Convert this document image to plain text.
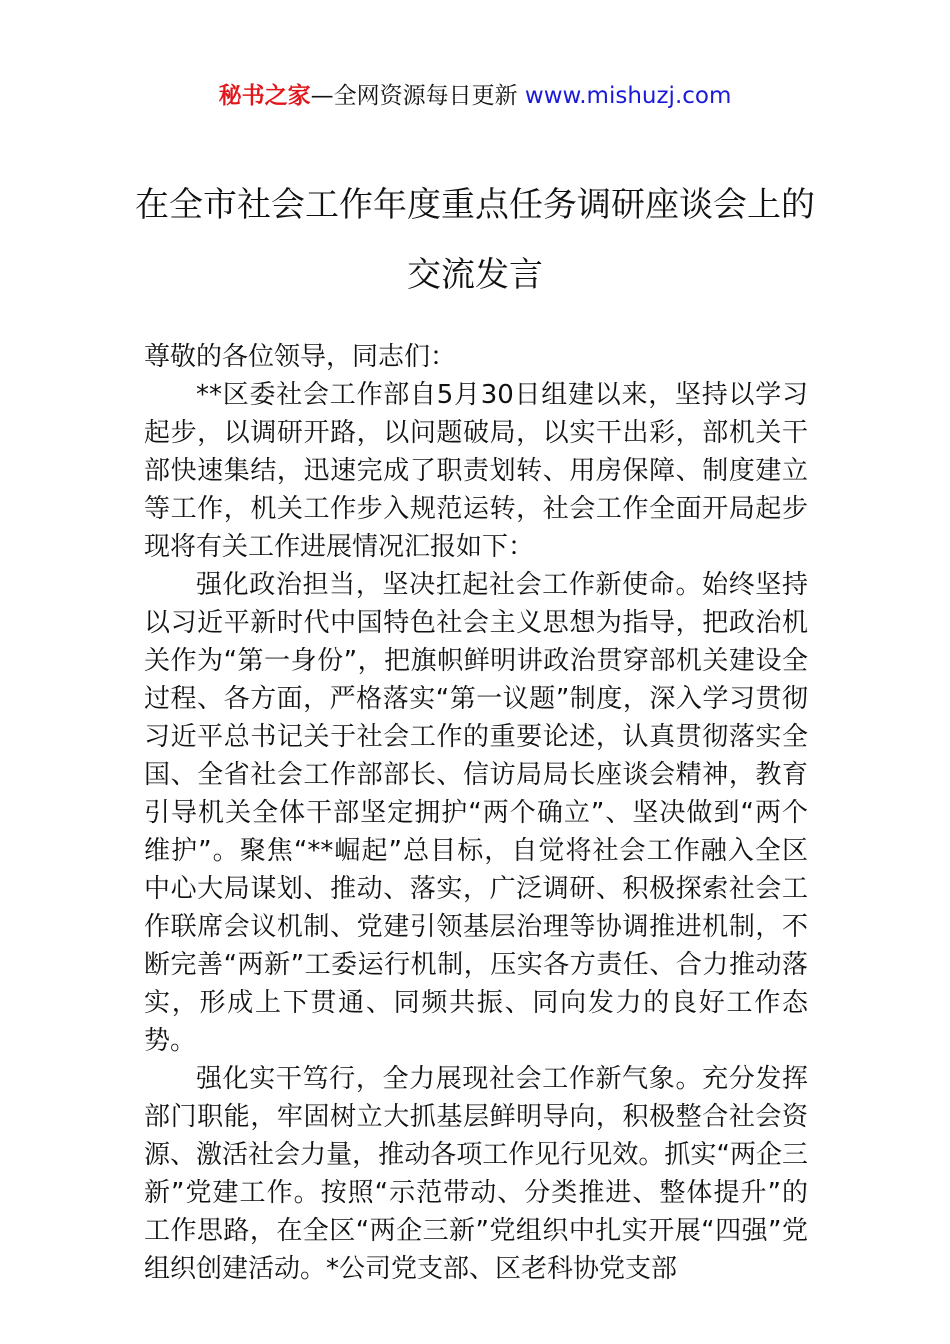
秘书之家—全网资源每日更新 www.mishuzj.com
在全市社会工作年度重点任务调研座谈会上的交流发言

尊敬的各位领导，同志们：

**区委社会工作部自5月30日组建以来，坚持以学习起步，以调研开路，以问题破局，以实干出彩，部机关干部快速集结，迅速完成了职责划转、用房保障、制度建立等工作，机关工作步入规范运转，社会工作全面开局起步现将有关工作进展情况汇报如下：

强化政治担当，坚决扛起社会工作新使命。始终坚持以习近平新时代中国特色社会主义思想为指导，把政治机关作为“第一身份”，把旗帜鲜明讲政治贯穿部机关建设全过程、各方面，严格落实“第一议题”制度，深入学习贯彻习近平总书记关于社会工作的重要论述，认真贯彻落实全国、全省社会工作部部长、信访局局长座谈会精神，教育引导机关全体干部坚定拥护“两个确立”、坚决做到“两个维护”。聚焦“**崛起”总目标，自觉将社会工作融入全区中心大局谋划、推动、落实，广泛调研、积极探索社会工作联席会议机制、党建引领基层治理等协调推进机制，不断完善“两新”工委运行机制，压实各方责任、合力推动落实，形成上下贯通、同频共振、同向发力的良好工作态势。

强化实干笃行，全力展现社会工作新气象。充分发挥部门职能，牢固树立大抓基层鲜明导向，积极整合社会资源、激活社会力量，推动各项工作见行见效。抓实“两企三新”党建工作。按照“示范带动、分类推进、整体提升”的工作思路，在全区“两企三新”党组织中扎实开展“四强”党组织创建活动。*公司党支部、区老科协党支部
